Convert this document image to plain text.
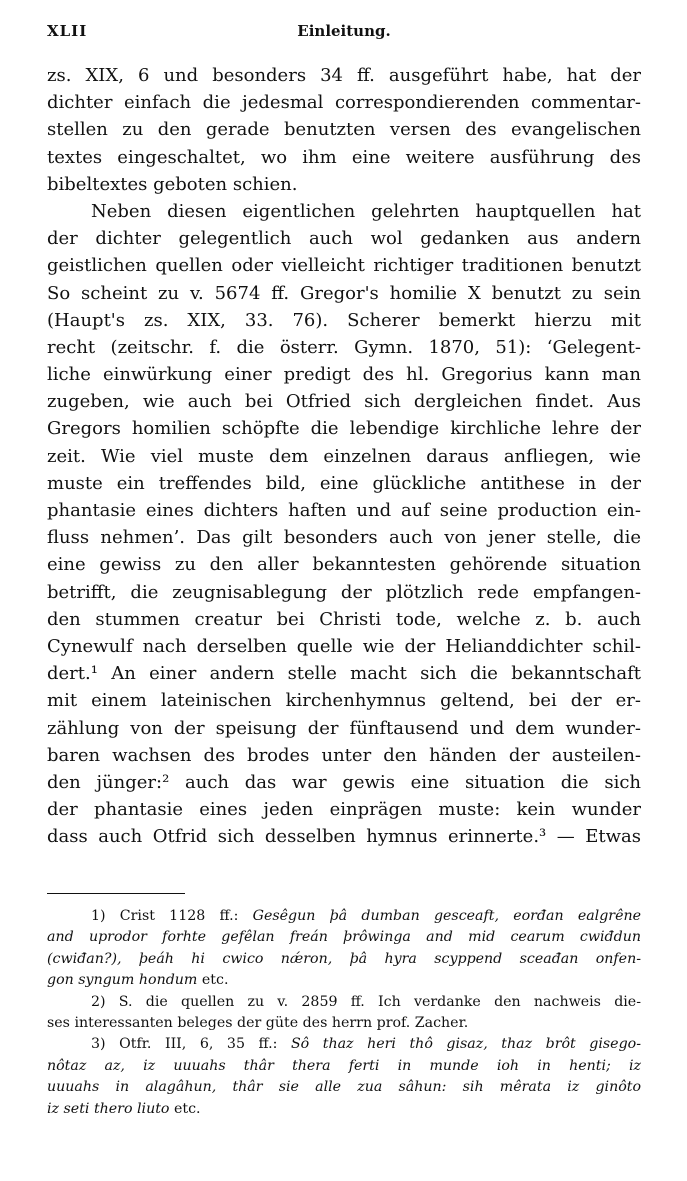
XLII	Einleitung.
zs. XIX, 6 und besonders 34 ff. ausgeführt habe, hat der
dichter einfach die jedesmal correspondierenden commentar-
stellen zu den gerade benutzten versen des evangelischen
textes eingeschaltet, wo ihm eine weitere ausführung des
bibeltextes geboten schien.
Neben diesen eigentlichen gelehrten hauptquellen hat
der dichter gelegentlich auch wol gedanken aus andern
geistlichen quellen oder vielleicht richtiger traditionen benutzt
So scheint zu v. 5674 ff. Gregor's homilie X benutzt zu sein
(Haupt's zs. XIX, 33. 76). Scherer bemerkt hierzu mit
recht (zeitschr. f. die österr. Gymn. 1870, 51): ‘Gelegent-
liche einwürkung einer predigt des hl. Gregorius kann man
zugeben, wie auch bei Otfried sich dergleichen findet. Aus
Gregors homilien schöpfte die lebendige kirchliche lehre der
zeit. Wie viel muste dem einzelnen daraus anfliegen, wie
muste ein treffendes bild, eine glückliche antithese in der
phantasie eines dichters haften und auf seine production ein-
fluss nehmen’. Das gilt besonders auch von jener stelle, die
eine gewiss zu den aller bekanntesten gehörende situation
betrifft, die zeugnisablegung der plötzlich rede empfangen-
den stummen creatur bei Christi tode, welche z. b. auch
Cynewulf nach derselben quelle wie der Helianddichter schil-
dert.¹ An einer andern stelle macht sich die bekanntschaft
mit einem lateinischen kirchenhymnus geltend, bei der er-
zählung von der speisung der fünftausend und dem wunder-
baren wachsen des brodes unter den händen der austeilen-
den jünger:² auch das war gewis eine situation die sich
der phantasie eines jeden einprägen muste: kein wunder
dass auch Otfrid sich desselben hymnus erinnerte.³ — Etwas
1) Crist 1128 ff.: Gesêgun þâ dumban gesceaft, eorđan ealgrêne
and uprodor forhte gefêlan freán þrôwinga and mid cearum cwiđdun
(cwiđan?), þeáh hi cwico nǽron, þâ hyra scyppend sceađan onfen-
gon syngum hondum etc.
2) S. die quellen zu v. 2859 ff. Ich verdanke den nachweis die-
ses interessanten beleges der güte des herrn prof. Zacher.
3) Otfr. III, 6, 35 ff.: Sô thaz heri thô gisaz, thaz brôt gisego-
nôtaz az, iz uuuahs thâr thera ferti in munde ioh in henti; iz
uuuahs in alagâhun, thâr sie alle zua sâhun: sih mêrata iz ginôto
iz seti thero liuto etc.
